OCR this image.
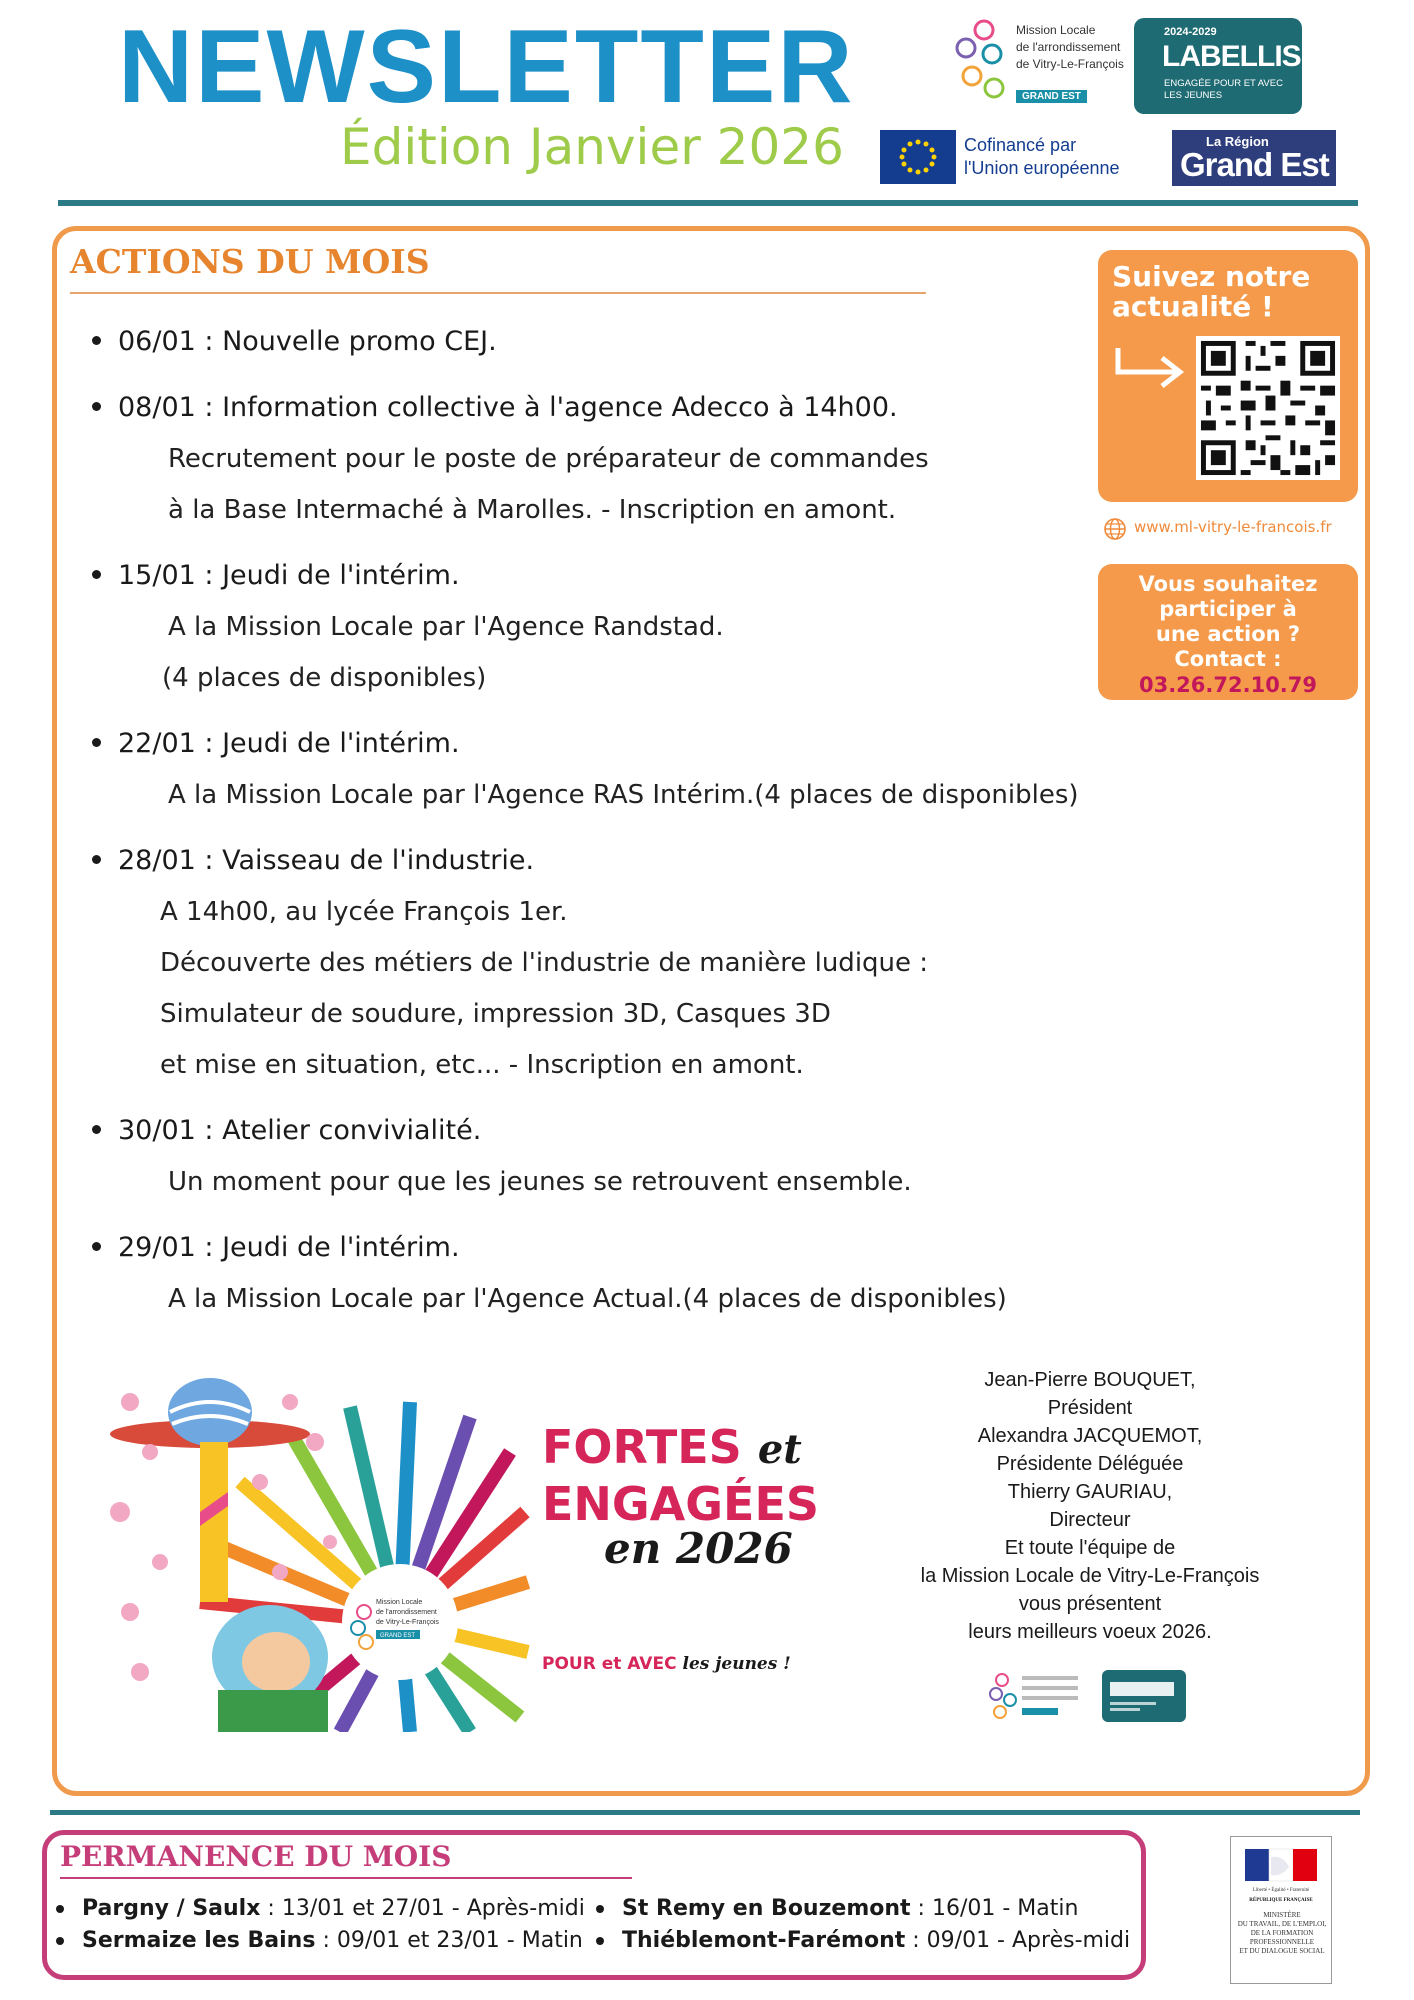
NEWSLETTER
Édition Janvier 2026
Mission Locale
de l'arrondissement
de Vitry-Le-François
GRAND EST
2024-2029
LABELLISÉE!
ENGAGÉE POUR ET AVEC
LES JEUNES
Cofinancé par
l'Union européenne
La Région
Grand Est
ACTIONS DU MOIS
06/01 : Nouvelle promo CEJ.
08/01 : Information collective à l'agence Adecco à 14h00.
Recrutement pour le poste de préparateur de commandes
à la Base Intermaché à Marolles. - Inscription en amont.
15/01 : Jeudi de l'intérim.
A la Mission Locale par l'Agence Randstad.
(4 places de disponibles)
22/01 : Jeudi de l'intérim.
A la Mission Locale par l'Agence RAS Intérim.(4 places de disponibles)
28/01 : Vaisseau de l'industrie.
A 14h00, au lycée François 1er.
Découverte des métiers de l'industrie de manière ludique :
Simulateur de soudure, impression 3D, Casques 3D
et mise en situation, etc... - Inscription en amont.
30/01 : Atelier convivialité.
Un moment pour que les jeunes se retrouvent ensemble.
29/01 : Jeudi de l'intérim.
A la Mission Locale par l'Agence Actual.(4 places de disponibles)
Suivez notre actualité !
www.ml-vitry-le-francois.fr
Vous souhaitez
participer à
une action ?
Contact :
03.26.72.10.79
Mission Locale
de l'arrondissement
de Vitry-Le-François
GRAND EST
FORTES et
ENGAGÉES
en 2026
POUR et AVEC les jeunes !
Jean-Pierre BOUQUET,
Président
Alexandra JACQUEMOT,
Présidente Déléguée
Thierry GAURIAU,
Directeur
Et toute l'équipe de
la Mission Locale de Vitry-Le-François
vous présentent
leurs meilleurs voeux 2026.
PERMANENCE DU MOIS
Pargny / Saulx : 13/01 et 27/01 - Après-midi
Sermaize les Bains : 09/01 et 23/01 - Matin
St Remy en Bouzemont : 16/01 - Matin
Thiéblemont-Farémont : 09/01 - Après-midi
Liberté • Égalité • Fraternité
RÉPUBLIQUE FRANÇAISE
MINISTÈRE
DU TRAVAIL, DE L'EMPLOI,
DE LA FORMATION
PROFESSIONNELLE
ET DU DIALOGUE SOCIAL
